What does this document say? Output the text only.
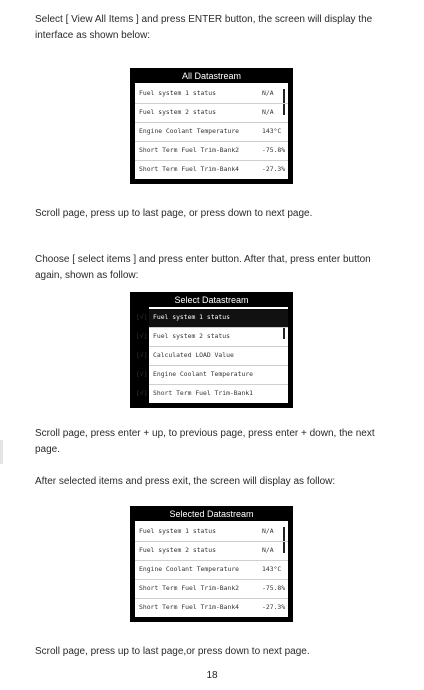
Select [ View All Items ] and press ENTER button, the screen will display the interface as shown below:

All Datastream
Fuel system 1 status	N/A
Fuel system 2 status	N/A
Engine Coolant Temperature	143°C
Short Term Fuel Trim-Bank2	-75.8%
Short Term Fuel Trim-Bank4	-27.3%

Scroll page, press up to last page, or press down to next page.

Choose [ select items ] and press enter button. After that, press enter button again, shown as follow:

Select Datastream
[√] Fuel system 1 status
[√] Fuel system 2 status
[√] Calculated LOAD Value
[√] Engine Coolant Temperature
[√] Short Term Fuel Trim-Bank1

Scroll page, press enter + up, to previous page, press enter + down, the next page.

After selected items and press exit, the screen will display as follow:

Selected Datastream
Fuel system 1 status	N/A
Fuel system 2 status	N/A
Engine Coolant Temperature	143°C
Short Term Fuel Trim-Bank2	-75.8%
Short Term Fuel Trim-Bank4	-27.3%

Scroll page, press up to last page,or press down to next page.

18
